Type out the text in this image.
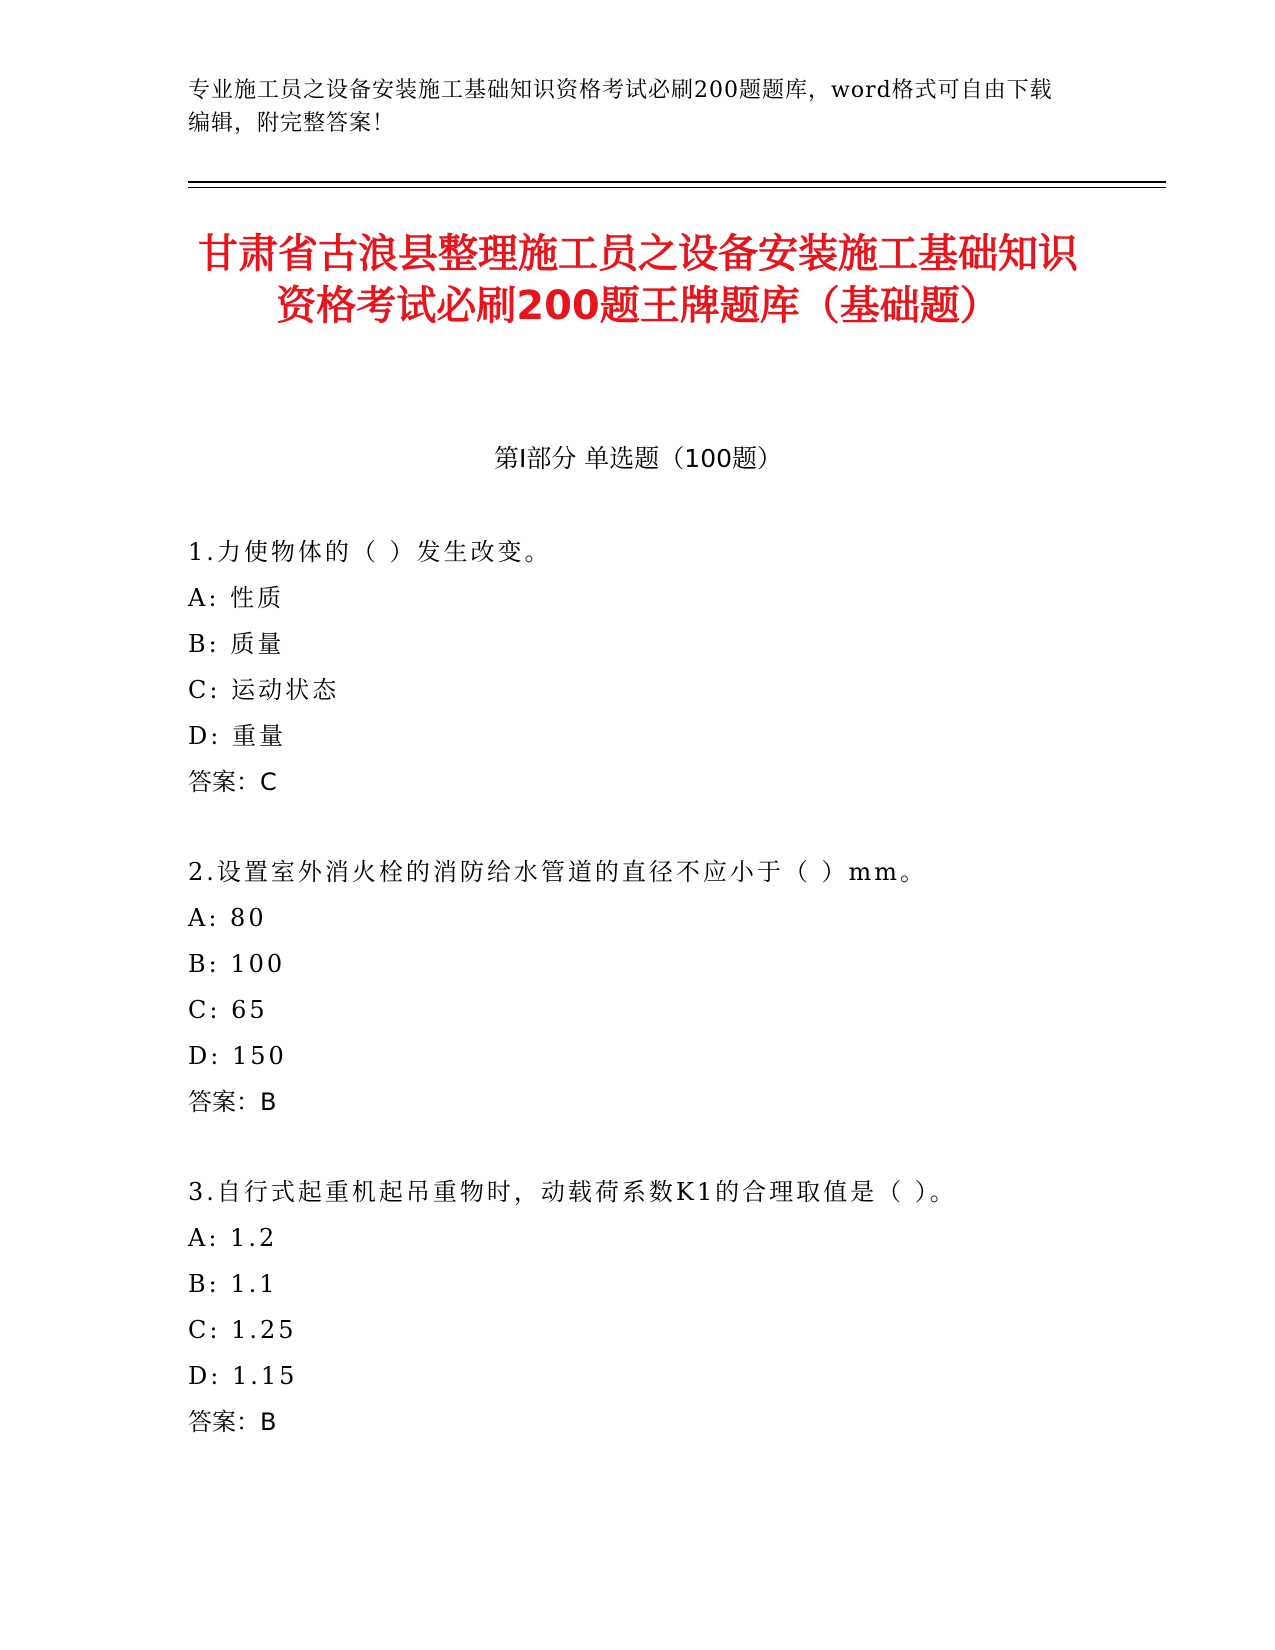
专业施工员之设备安装施工基础知识资格考试必刷200题题库，word格式可自由下载编辑，附完整答案！
甘肃省古浪县整理施工员之设备安装施工基础知识资格考试必刷200题王牌题库（基础题）
第I部分 单选题（100题）
1.力使物体的（ ）发生改变。
A: 性质
B: 质量
C: 运动状态
D: 重量
答案：C
2.设置室外消火栓的消防给水管道的直径不应小于（ ）mm。
A: 80
B: 100
C: 65
D: 150
答案：B
3.自行式起重机起吊重物时，动载荷系数K1的合理取值是（ ）。
A: 1.2
B: 1.1
C: 1.25
D: 1.15
答案：B
